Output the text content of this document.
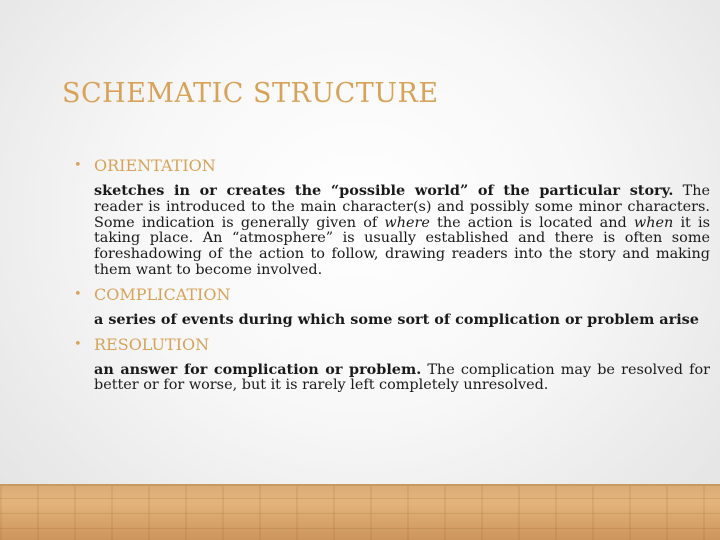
SCHEMATIC STRUCTURE
• ORIENTATION
sketches in or creates the “possible world” of the particular story. The reader is introduced to the main character(s) and possibly some minor characters. Some indication is generally given of where the action is located and when it is taking place. An “atmosphere” is usually established and there is often some foreshadowing of the action to follow, drawing readers into the story and making them want to become involved.
• COMPLICATION
a series of events during which some sort of complication or problem arise
• RESOLUTION
an answer for complication or problem. The complication may be resolved for better or for worse, but it is rarely left completely unresolved.
